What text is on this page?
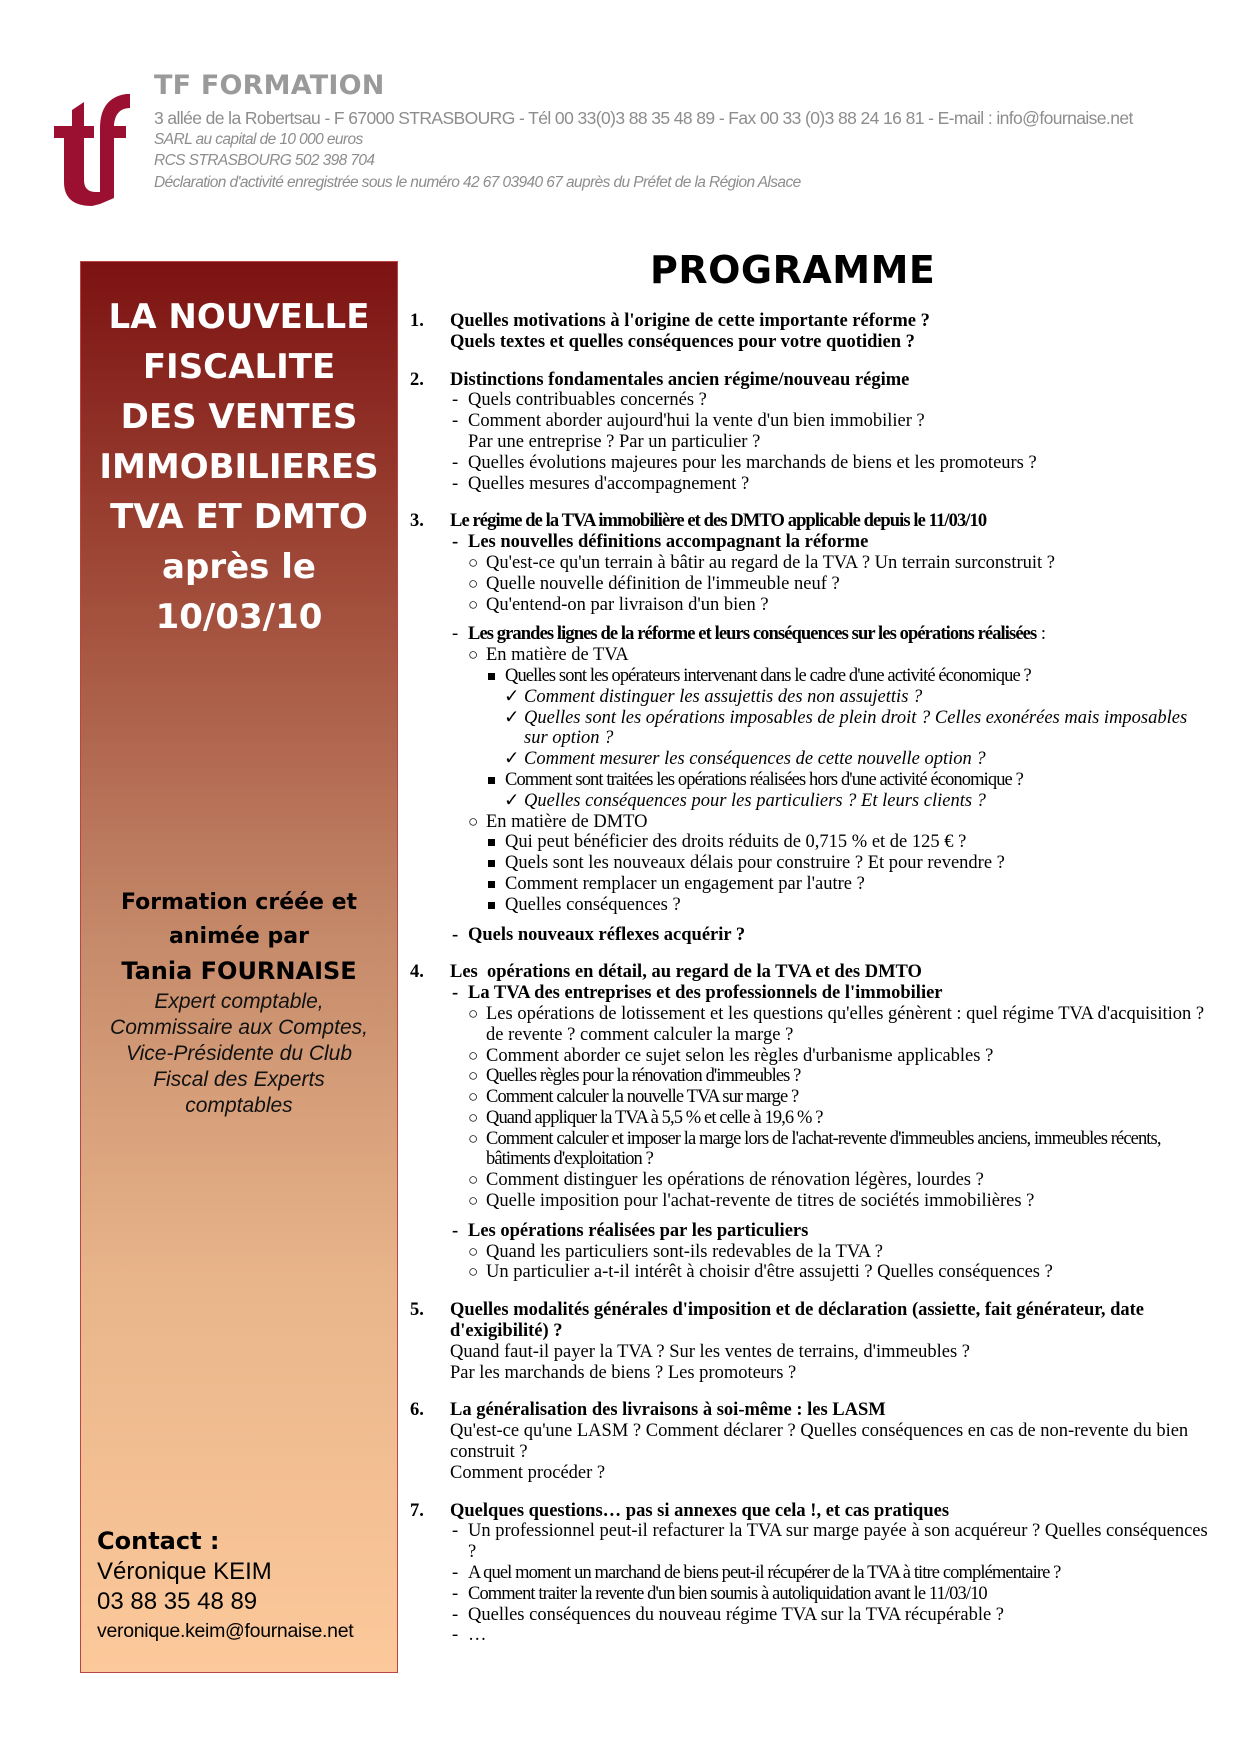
TF FORMATION
3 allée de la Robertsau - F 67000 STRASBOURG - Tél 00 33(0)3 88 35 48 89 - Fax 00 33 (0)3 88 24 16 81 - E-mail : info@fournaise.net
SARL au capital de 10 000 euros
RCS STRASBOURG 502 398 704
Déclaration d'activité enregistrée sous le numéro 42 67 03940 67 auprès du Préfet de la Région Alsace
LA NOUVELLE
FISCALITE
DES VENTES
IMMOBILIERES
TVA ET DMTO
après le
10/03/10
Formation créée et
animée par
Tania FOURNAISE
Expert comptable,
Commissaire aux Comptes,
Vice-Présidente du Club
Fiscal des Experts
comptables
Contact :
Véronique KEIM
03 88 35 48 89
veronique.keim@fournaise.net
PROGRAMME
1. Quelles motivations à l'origine de cette importante réforme ?
Quels textes et quelles conséquences pour votre quotidien ?
2. Distinctions fondamentales ancien régime/nouveau régime
- Quels contribuables concernés ?
- Comment aborder aujourd'hui la vente d'un bien immobilier ?
Par une entreprise ? Par un particulier ?
- Quelles évolutions majeures pour les marchands de biens et les promoteurs ?
- Quelles mesures d'accompagnement ?
3. Le régime de la TVA immobilière et des DMTO applicable depuis le 11/03/10
- Les nouvelles définitions accompagnant la réforme
○ Qu'est-ce qu'un terrain à bâtir au regard de la TVA ? Un terrain surconstruit ?
○ Quelle nouvelle définition de l'immeuble neuf ?
○ Qu'entend-on par livraison d'un bien ?
- Les grandes lignes de la réforme et leurs conséquences sur les opérations réalisées :
○ En matière de TVA
Quelles sont les opérateurs intervenant dans le cadre d'une activité économique ?
✓ Comment distinguer les assujettis des non assujettis ?
✓ Quelles sont les opérations imposables de plein droit ? Celles exonérées mais imposables sur option ?
✓ Comment mesurer les conséquences de cette nouvelle option ?
Comment sont traitées les opérations réalisées hors d'une activité économique ?
✓ Quelles conséquences pour les particuliers ? Et leurs clients ?
○ En matière de DMTO
Qui peut bénéficier des droits réduits de 0,715 % et de 125 € ?
Quels sont les nouveaux délais pour construire ? Et pour revendre ?
Comment remplacer un engagement par l'autre ?
Quelles conséquences ?
- Quels nouveaux réflexes acquérir ?
4. Les  opérations en détail, au regard de la TVA et des DMTO
- La TVA des entreprises et des professionnels de l'immobilier
○ Les opérations de lotissement et les questions qu'elles génèrent : quel régime TVA d'acquisition ? de revente ? comment calculer la marge ?
○ Comment aborder ce sujet selon les règles d'urbanisme applicables ?
○ Quelles règles pour la rénovation d'immeubles ?
○ Comment calculer la nouvelle TVA sur marge ?
○ Quand appliquer la TVA à 5,5 % et celle à 19,6 % ?
○ Comment calculer et imposer la marge lors de l'achat-revente d'immeubles anciens, immeubles récents, bâtiments d'exploitation ?
○ Comment distinguer les opérations de rénovation légères, lourdes ?
○ Quelle imposition pour l'achat-revente de titres de sociétés immobilières ?
- Les opérations réalisées par les particuliers
○ Quand les particuliers sont-ils redevables de la TVA ?
○ Un particulier a-t-il intérêt à choisir d'être assujetti ? Quelles conséquences ?
5. Quelles modalités générales d'imposition et de déclaration (assiette, fait générateur, date d'exigibilité) ?
Quand faut-il payer la TVA ? Sur les ventes de terrains, d'immeubles ?
Par les marchands de biens ? Les promoteurs ?
6. La généralisation des livraisons à soi-même : les LASM
Qu'est-ce qu'une LASM ? Comment déclarer ? Quelles conséquences en cas de non-revente du bien construit ?
Comment procéder ?
7. Quelques questions… pas si annexes que cela !, et cas pratiques
- Un professionnel peut-il refacturer la TVA sur marge payée à son acquéreur ? Quelles conséquences ?
- A quel moment un marchand de biens peut-il récupérer de la TVA à titre complémentaire ?
- Comment traiter la revente d'un bien soumis à autoliquidation avant le 11/03/10
- Quelles conséquences du nouveau régime TVA sur la TVA récupérable ?
- …
